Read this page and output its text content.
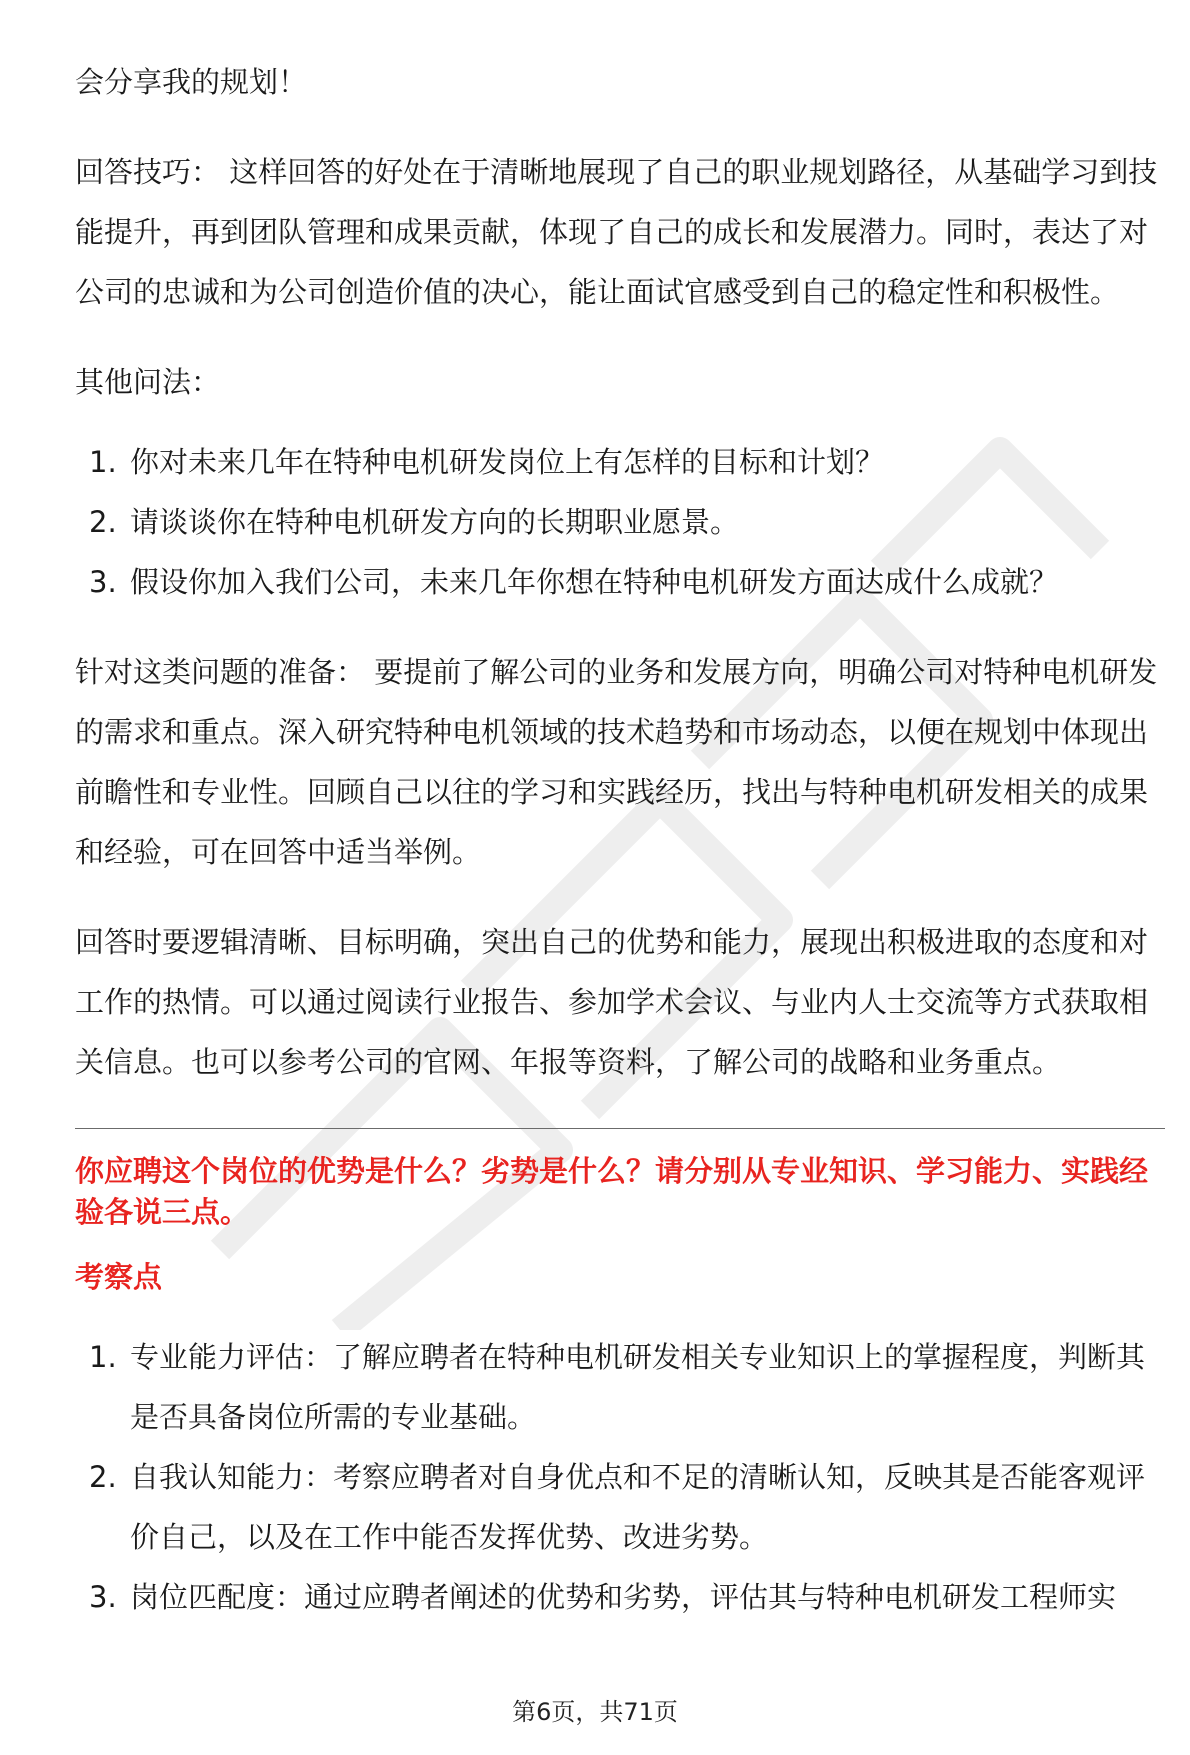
会分享我的规划！

回答技巧： 这样回答的好处在于清晰地展现了自己的职业规划路径，从基础学习到技能提升，再到团队管理和成果贡献，体现了自己的成长和发展潜力。同时，表达了对公司的忠诚和为公司创造价值的决心，能让面试官感受到自己的稳定性和积极性。

其他问法：

1. 你对未来几年在特种电机研发岗位上有怎样的目标和计划？
2. 请谈谈你在特种电机研发方向的长期职业愿景。
3. 假设你加入我们公司，未来几年你想在特种电机研发方面达成什么成就？

针对这类问题的准备： 要提前了解公司的业务和发展方向，明确公司对特种电机研发的需求和重点。深入研究特种电机领域的技术趋势和市场动态，以便在规划中体现出前瞻性和专业性。回顾自己以往的学习和实践经历，找出与特种电机研发相关的成果和经验，可在回答中适当举例。

回答时要逻辑清晰、目标明确，突出自己的优势和能力，展现出积极进取的态度和对工作的热情。可以通过阅读行业报告、参加学术会议、与业内人士交流等方式获取相关信息。也可以参考公司的官网、年报等资料，了解公司的战略和业务重点。

你应聘这个岗位的优势是什么？劣势是什么？请分别从专业知识、学习能力、实践经验各说三点。
考察点
1. 专业能力评估：了解应聘者在特种电机研发相关专业知识上的掌握程度，判断其是否具备岗位所需的专业基础。
2. 自我认知能力：考察应聘者对自身优点和不足的清晰认知，反映其是否能客观评价自己，以及在工作中能否发挥优势、改进劣势。
3. 岗位匹配度：通过应聘者阐述的优势和劣势，评估其与特种电机研发工程师实
第6页，共71页
